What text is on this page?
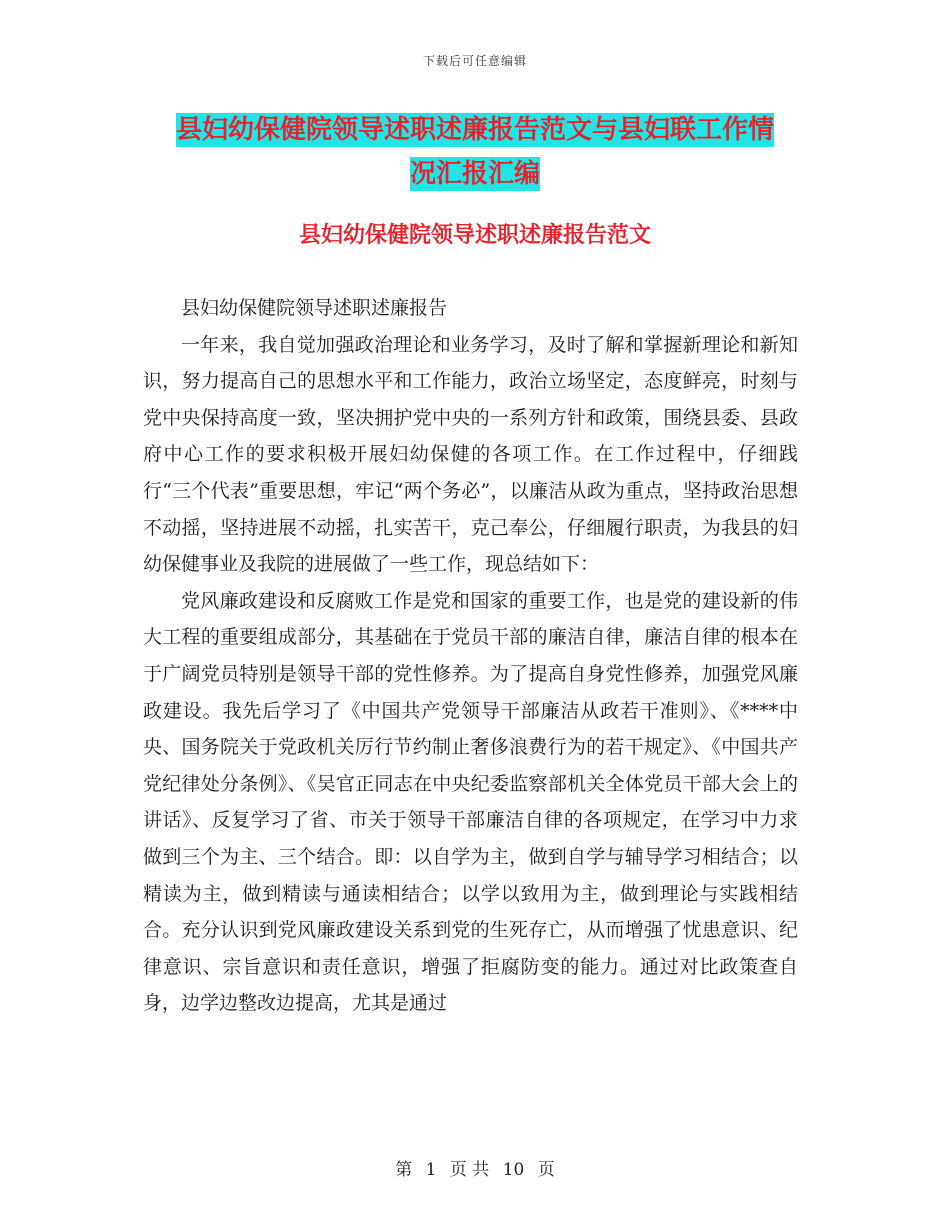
下载后可任意编辑
县妇幼保健院领导述职述廉报告范文与县妇联工作情
况汇报汇编
县妇幼保健院领导述职述廉报告范文

县妇幼保健院领导述职述廉报告

一年来，我自觉加强政治理论和业务学习，及时了解和掌握新理论和新知识，努力提高自己的思想水平和工作能力，政治立场坚定，态度鲜亮，时刻与党中央保持高度一致，坚决拥护党中央的一系列方针和政策，围绕县委、县政府中心工作的要求积极开展妇幼保健的各项工作。在工作过程中，仔细践行“三个代表”重要思想，牢记“两个务必”，以廉洁从政为重点，坚持政治思想不动摇，坚持进展不动摇，扎实苦干，克己奉公，仔细履行职责，为我县的妇幼保健事业及我院的进展做了一些工作，现总结如下：

党风廉政建设和反腐败工作是党和国家的重要工作，也是党的建设新的伟大工程的重要组成部分，其基础在于党员干部的廉洁自律，廉洁自律的根本在于广阔党员特别是领导干部的党性修养。为了提高自身党性修养，加强党风廉政建设。我先后学习了《中国共产党领导干部廉洁从政若干准则》、《****中央、国务院关于党政机关厉行节约制止奢侈浪费行为的若干规定》、《中国共产党纪律处分条例》、《吴官正同志在中央纪委监察部机关全体党员干部大会上的讲话》、反复学习了省、市关于领导干部廉洁自律的各项规定，在学习中力求做到三个为主、三个结合。即：以自学为主，做到自学与辅导学习相结合；以精读为主，做到精读与通读相结合；以学以致用为主，做到理论与实践相结合。充分认识到党风廉政建设关系到党的生死存亡，从而增强了忧患意识、纪律意识、宗旨意识和责任意识，增强了拒腐防变的能力。通过对比政策查自身，边学边整改边提高，尤其是通过

第 1 页 共 10 页
